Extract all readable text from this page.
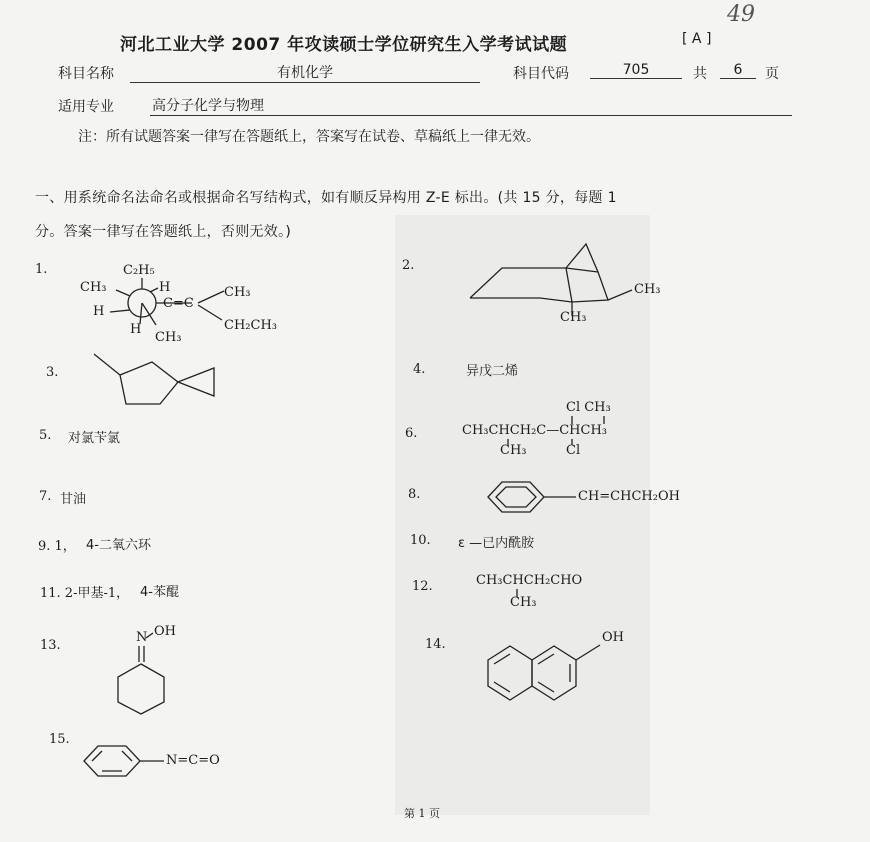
49
河北工业大学 2007 年攻读硕士学位研究生入学考试试题	[ A ]
科目名称	有机化学	科目代码	705	共	6	页
适用专业	高分子化学与物理
注：所有试题答案一律写在答题纸上，答案写在试卷、草稿纸上一律无效。
一、用系统命名法命名或根据命名写结构式，如有顺反异构用 Z-E 标出。(共 15 分，每题 1
分。答案一律写在答题纸上，否则无效。)
1.	C₂H₅
CH₃	H
H
H
CH₃
C=C
CH₃
CH₂CH₃
2.
CH₃
CH₃
3.	4.	异戊二烯
5. 对氯苄氯	6.
Cl CH₃
CH₃CHCH₂C—CHCH₃
CH₃	Cl
7. 甘油	8.	CH=CHCH₂OH
9. 1， 4-二氧六环	10. ε —已内酰胺
11. 2-甲基-1， 4-苯醌	12.	CH₃CHCH₂CHO
CH₃
13.
N OH
14.	OH
15.
N=C=O
第 1 页
